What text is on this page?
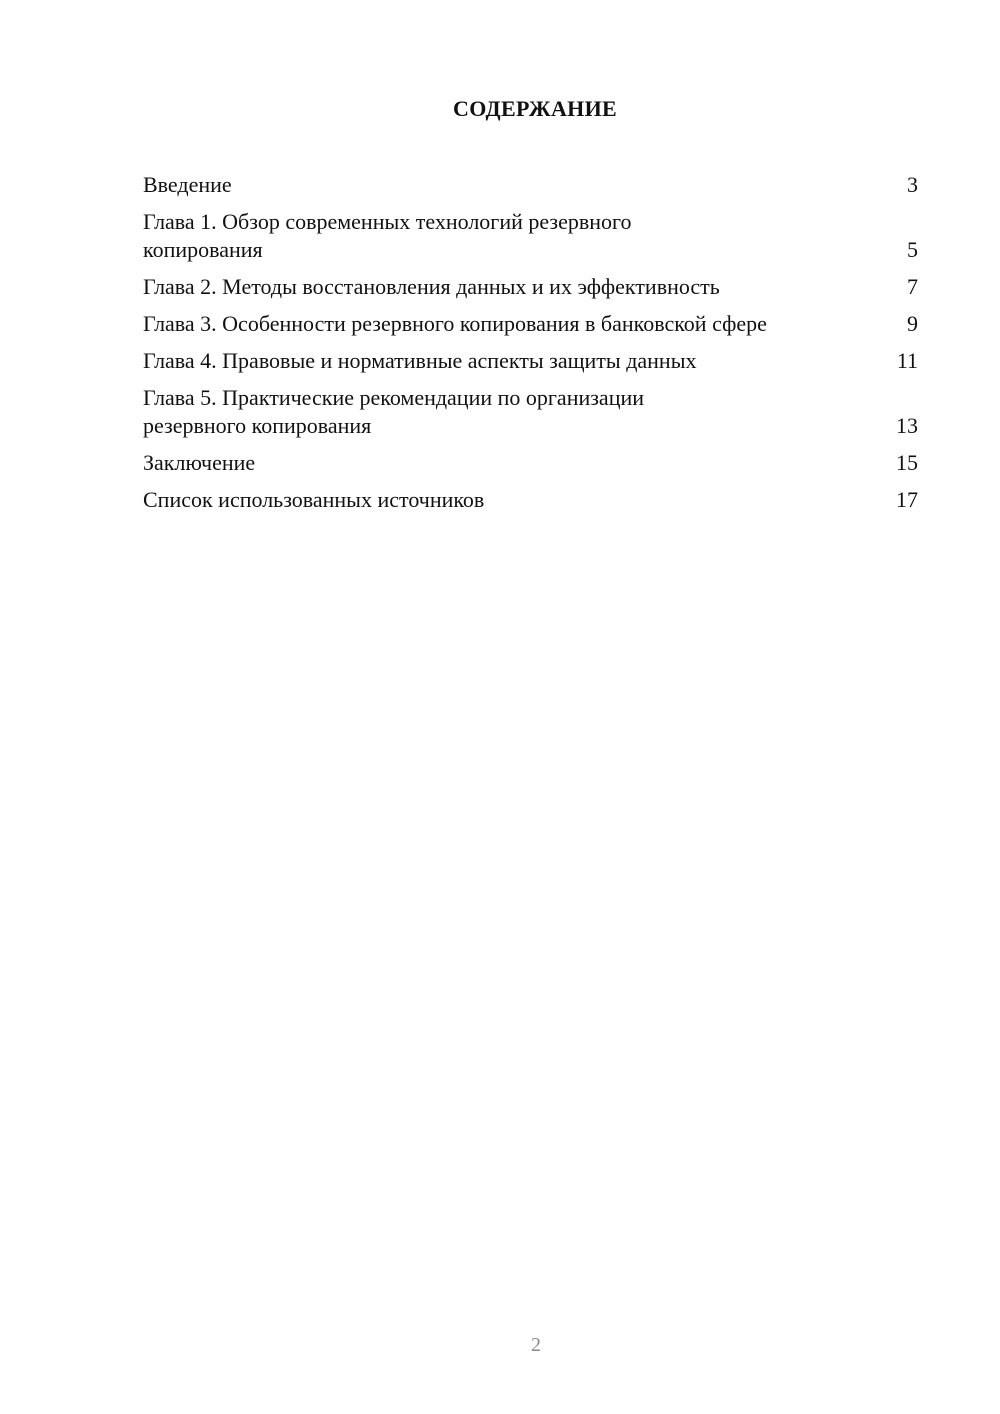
СОДЕРЖАНИЕ
Введение	3
Глава 1. Обзор современных технологий резервного копирования	5
Глава 2. Методы восстановления данных и их эффективность	7
Глава 3. Особенности резервного копирования в банковской сфере	9
Глава 4. Правовые и нормативные аспекты защиты данных	11
Глава 5. Практические рекомендации по организации резервного копирования	13
Заключение	15
Список использованных источников	17
2
